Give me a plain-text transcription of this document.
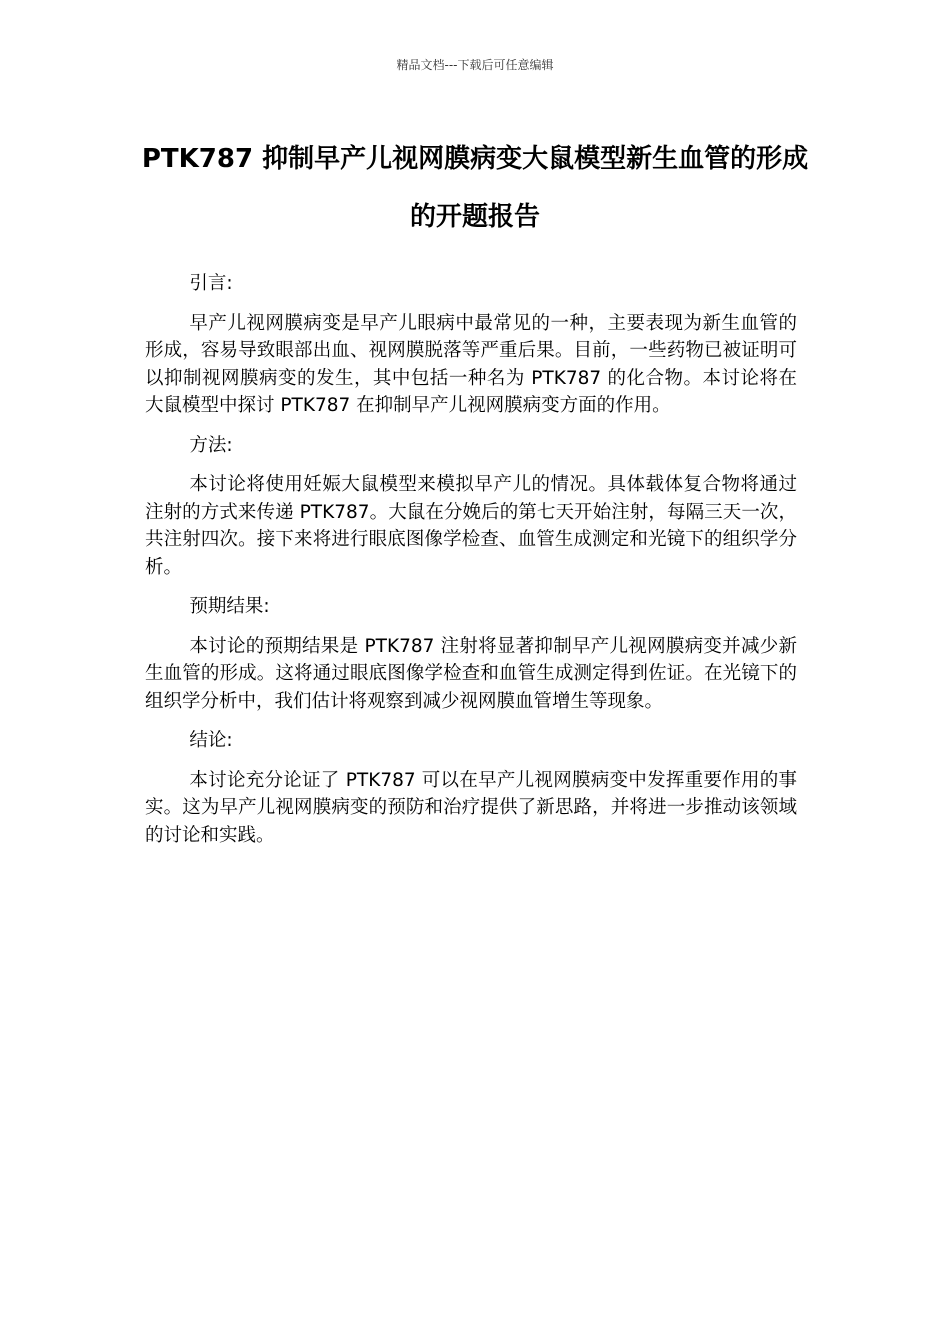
精品文档---下载后可任意编辑
PTK787 抑制早产儿视网膜病变大鼠模型新生血管的形成的开题报告

引言:

早产儿视网膜病变是早产儿眼病中最常见的一种，主要表现为新生血管的形成，容易导致眼部出血、视网膜脱落等严重后果。目前，一些药物已被证明可以抑制视网膜病变的发生，其中包括一种名为 PTK787 的化合物。本讨论将在大鼠模型中探讨 PTK787 在抑制早产儿视网膜病变方面的作用。

方法:

本讨论将使用妊娠大鼠模型来模拟早产儿的情况。具体载体复合物将通过注射的方式来传递 PTK787。大鼠在分娩后的第七天开始注射，每隔三天一次，共注射四次。接下来将进行眼底图像学检查、血管生成测定和光镜下的组织学分析。

预期结果:

本讨论的预期结果是 PTK787 注射将显著抑制早产儿视网膜病变并减少新生血管的形成。这将通过眼底图像学检查和血管生成测定得到佐证。在光镜下的组织学分析中，我们估计将观察到减少视网膜血管增生等现象。

结论:

本讨论充分论证了 PTK787 可以在早产儿视网膜病变中发挥重要作用的事实。这为早产儿视网膜病变的预防和治疗提供了新思路，并将进一步推动该领域的讨论和实践。
